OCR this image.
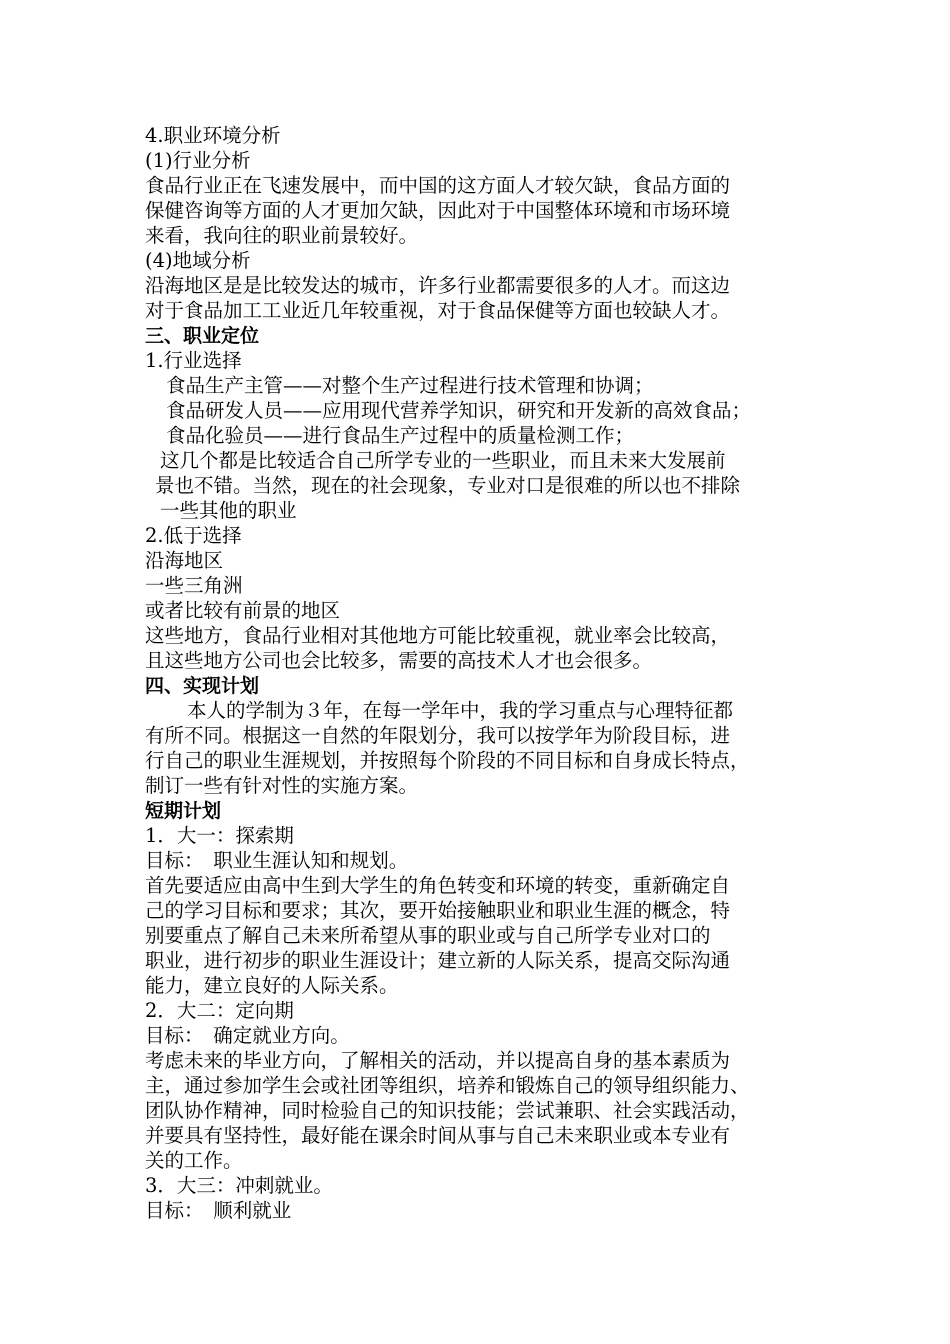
4.职业环境分析

(1)行业分析

食品行业正在飞速发展中，而中国的这方面人才较欠缺，食品方面的

保健咨询等方面的人才更加欠缺，因此对于中国整体环境和市场环境

来看，我向往的职业前景较好。

(4)地域分析

沿海地区是是比较发达的城市，许多行业都需要很多的人才。而这边

对于食品加工工业近几年较重视，对于食品保健等方面也较缺人才。

三、职业定位

1.行业选择

食品生产主管——对整个生产过程进行技术管理和协调；

食品研发人员——应用现代营养学知识，研究和开发新的高效食品；

食品化验员——进行食品生产过程中的质量检测工作；

这几个都是比较适合自己所学专业的一些职业，而且未来大发展前

景也不错。当然，现在的社会现象，专业对口是很难的所以也不排除

一些其他的职业

2.低于选择

沿海地区

一些三角洲

或者比较有前景的地区

这些地方，食品行业相对其他地方可能比较重视，就业率会比较高，

且这些地方公司也会比较多，需要的高技术人才也会很多。

四、实现计划

本人的学制为３年，在每一学年中，我的学习重点与心理特征都

有所不同。根据这一自然的年限划分，我可以按学年为阶段目标，进

行自己的职业生涯规划，并按照每个阶段的不同目标和自身成长特点，

制订一些有针对性的实施方案。

短期计划

1．大一：探索期

目标：　职业生涯认知和规划。

首先要适应由高中生到大学生的角色转变和环境的转变，重新确定自

己的学习目标和要求；其次，要开始接触职业和职业生涯的概念，特

别要重点了解自己未来所希望从事的职业或与自己所学专业对口的

职业，进行初步的职业生涯设计；建立新的人际关系，提高交际沟通

能力，建立良好的人际关系。

2．大二：定向期

目标：　确定就业方向。

考虑未来的毕业方向，了解相关的活动，并以提高自身的基本素质为

主，通过参加学生会或社团等组织，培养和锻炼自己的领导组织能力、

团队协作精神，同时检验自己的知识技能；尝试兼职、社会实践活动，

并要具有坚持性，最好能在课余时间从事与自己未来职业或本专业有

关的工作。

3．大三：冲刺就业。

目标：　顺利就业
